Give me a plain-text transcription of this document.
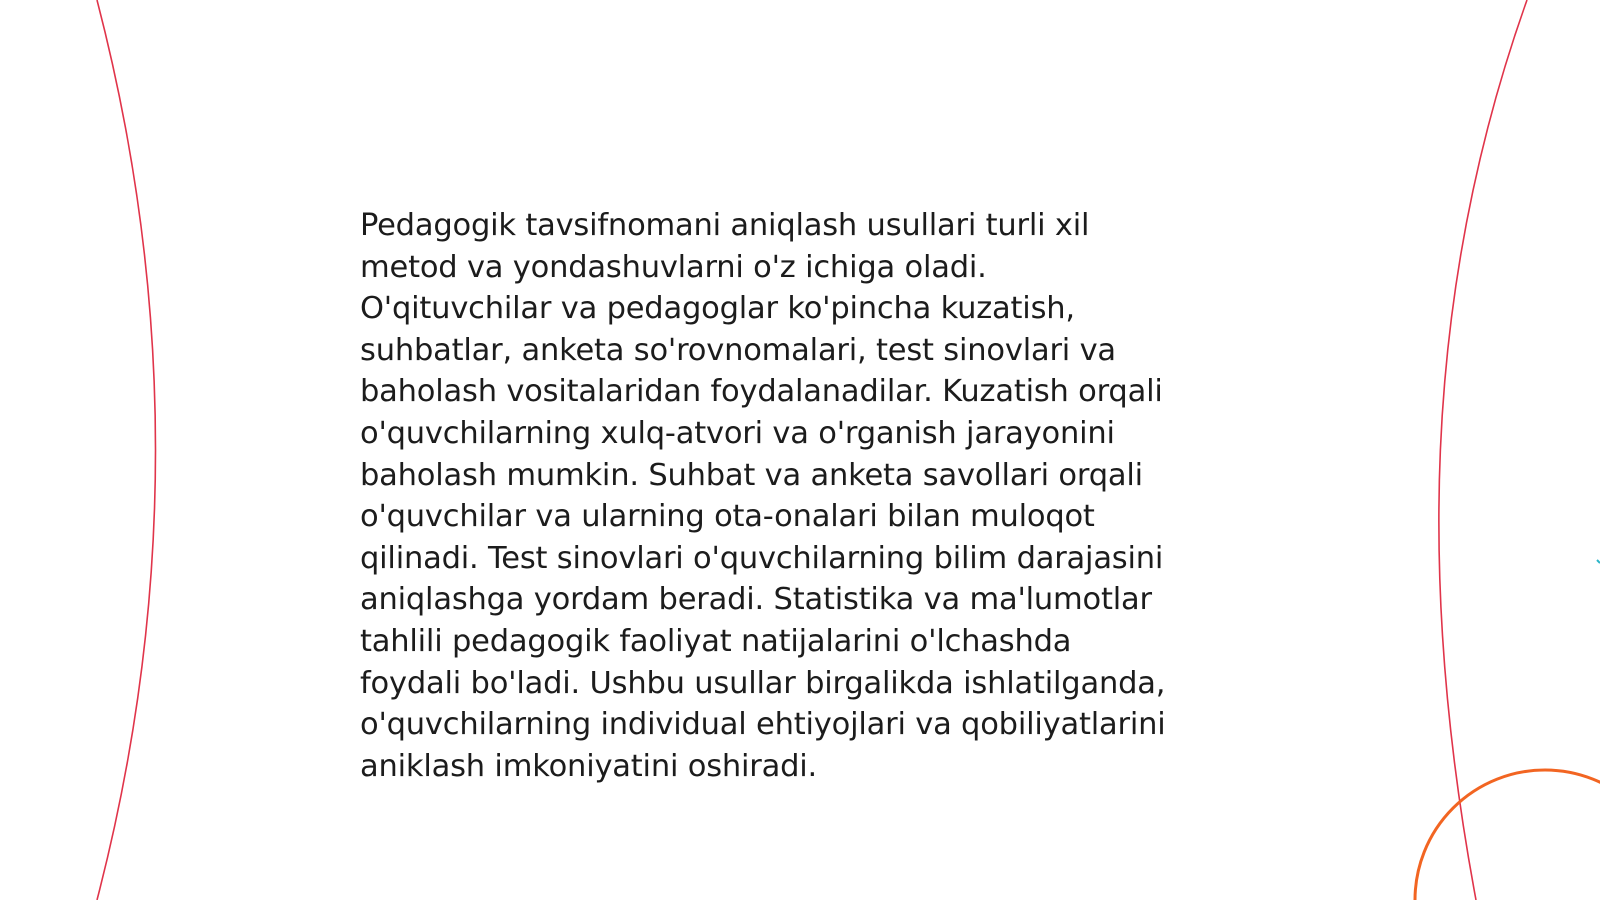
Pedagogik tavsifnomani aniqlash usullari turli xil
metod va yondashuvlarni o'z ichiga oladi.
O'qituvchilar va pedagoglar ko'pincha kuzatish,
suhbatlar, anketa so'rovnomalari, test sinovlari va
baholash vositalaridan foydalanadilar. Kuzatish orqali
o'quvchilarning xulq-atvori va o'rganish jarayonini
baholash mumkin. Suhbat va anketa savollari orqali
o'quvchilar va ularning ota-onalari bilan muloqot
qilinadi. Test sinovlari o'quvchilarning bilim darajasini
aniqlashga yordam beradi. Statistika va ma'lumotlar
tahlili pedagogik faoliyat natijalarini o'lchashda
foydali bo'ladi. Ushbu usullar birgalikda ishlatilganda,
o'quvchilarning individual ehtiyojlari va qobiliyatlarini
aniklash imkoniyatini oshiradi.
